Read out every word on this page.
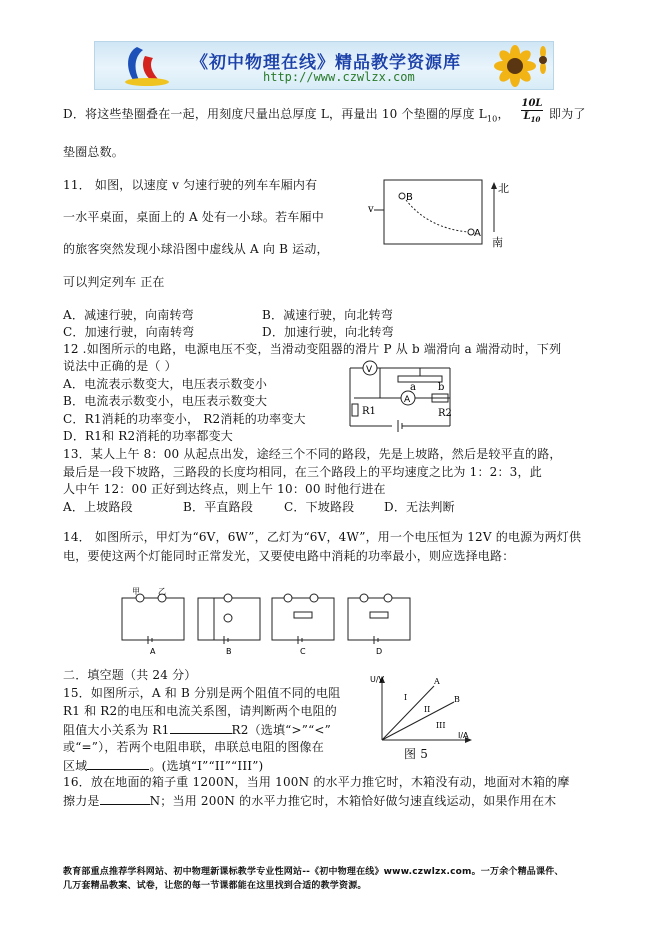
《初中物理在线》精品教学资源库
http://www.czwlzx.com
D．将这些垫圈叠在一起，用刻度尺量出总厚度 L，再量出 10 个垫圈的厚度 $L_{10}$，
10L
$L_{10}$ 即为了
垫圈总数。
11． 如图，以速度 v 匀速行驶的列车车厢内有
一水平桌面，桌面上的 A 处有一小球。若车厢中
的旅客突然发现小球沿图中虚线从 A 向 B 运动，
可以判定列车 正在
v
B
A
北
南
A．减速行驶，向南转弯	B．减速行驶，向北转弯
C．加速行驶，向南转弯	D．加速行驶，向北转弯
12 .如图所示的电路，电源电压不变，当滑动变阻器的滑片 P 从 b 端滑向 a 端滑动时，下列
说法中正确的是（ ）
A．电流表示数变大，电压表示数变小
B．电流表示数变小，电压表示数变大
C．R1消耗的功率变小， R2消耗的功率变大
D．R1和 R2消耗的功率都变大
V
A
a b
R1	R2
13．某人上午 8：00 从起点出发，途经三个不同的路段，先是上坡路，然后是较平直的路，
最后是一段下坡路，三路段的长度均相同，在三个路段上的平均速度之比为 1：2：3，此
人中午 12：00 正好到达终点，则上午 10：00 时他行进在
A．上坡路段	B．平直路段	C．下坡路段 D．无法判断
14． 如图所示，甲灯为“6V，6W”，乙灯为“6V，4W”，用一个电压恒为 12V 的电源为两灯供
电，要使这两个灯能同时正常发光，又要使电路中消耗的功率最小，则应选择电路：
甲 乙
A	B	C	D
二．填空题（共 24 分）
15．如图所示，A 和 B 分别是两个阻值不同的电阻
R1 和 R2的电压和电流关系图，请判断两个电阻的
阻值大小关系为 R1	R2（选填“>”“<”
或“=”），若两个电阻串联，串联总电阻的图像在
区域	。(选填“I”“II”“III”)
U/V
I/A
A
B
I
II
III
图 5
16．放在地面的箱子重 1200N，当用 100N 的水平力推它时，木箱没有动，地面对木箱的摩
擦力是	N；当用 200N 的水平力推它时，木箱恰好做匀速直线运动，如果作用在木
教育部重点推荐学科网站、初中物理新课标教学专业性网站--《初中物理在线》www.czwlzx.com。一万余个精品课件、
几万套精品教案、试卷，让您的每一节课都能在这里找到合适的教学资源。
